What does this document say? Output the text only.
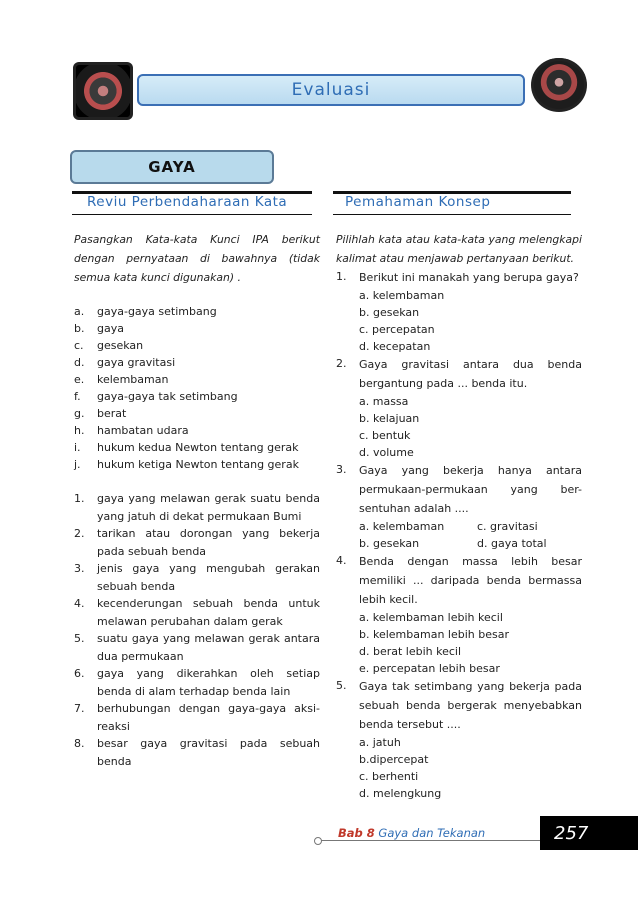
Evaluasi
GAYA
Reviu Perbendaharaan Kata
Pasangkan Kata-kata Kunci IPA berikut dengan pernyataan di bawahnya (tidak semua kata kunci digunakan) .
a.	gaya-gaya setimbang
b.	gaya
c.	gesekan
d.	gaya gravitasi
e.	kelembaman
f.	gaya-gaya tak setimbang
g.	berat
h.	hambatan udara
i.	hukum kedua Newton tentang gerak
j.	hukum ketiga Newton tentang gerak
1.	gaya yang melawan gerak suatu benda yang jatuh di dekat permukaan Bumi
2.	tarikan atau dorongan yang bekerja pada sebuah benda
3.	jenis gaya yang mengubah gerakan sebuah benda
4.	kecenderungan sebuah benda untuk melawan perubahan dalam gerak
5.	suatu gaya yang melawan gerak antara dua permukaan
6.	gaya yang dikerahkan oleh setiap benda di alam terhadap benda lain
7.	berhubungan dengan gaya-gaya aksi-reaksi
8.	besar gaya gravitasi pada sebuah benda
Pemahaman Konsep
Pilihlah kata atau kata-kata yang melengkapi kalimat atau menjawab pertanyaan berikut.
1.	Berikut ini manakah yang berupa gaya?
a. kelembaman
b. gesekan
c. percepatan
d. kecepatan
2.	Gaya gravitasi antara dua benda bergantung pada ... benda itu.
a. massa
b. kelajuan
c. bentuk
d. volume
3.	Gaya yang bekerja hanya antara permukaan-permukaan yang ber-sentuhan adalah ....
a. kelembaman	c. gravitasi
b. gesekan	d. gaya total
4.	Benda dengan massa lebih besar memiliki ... daripada benda bermassa lebih kecil.
a. kelembaman lebih kecil
b. kelembaman lebih besar
d. berat lebih kecil
e. percepatan lebih besar
5.	Gaya tak setimbang yang bekerja pada sebuah benda bergerak menyebabkan benda tersebut ....
a. jatuh
b.dipercepat
c. berhenti
d. melengkung
Bab 8 Gaya dan Tekanan	257
